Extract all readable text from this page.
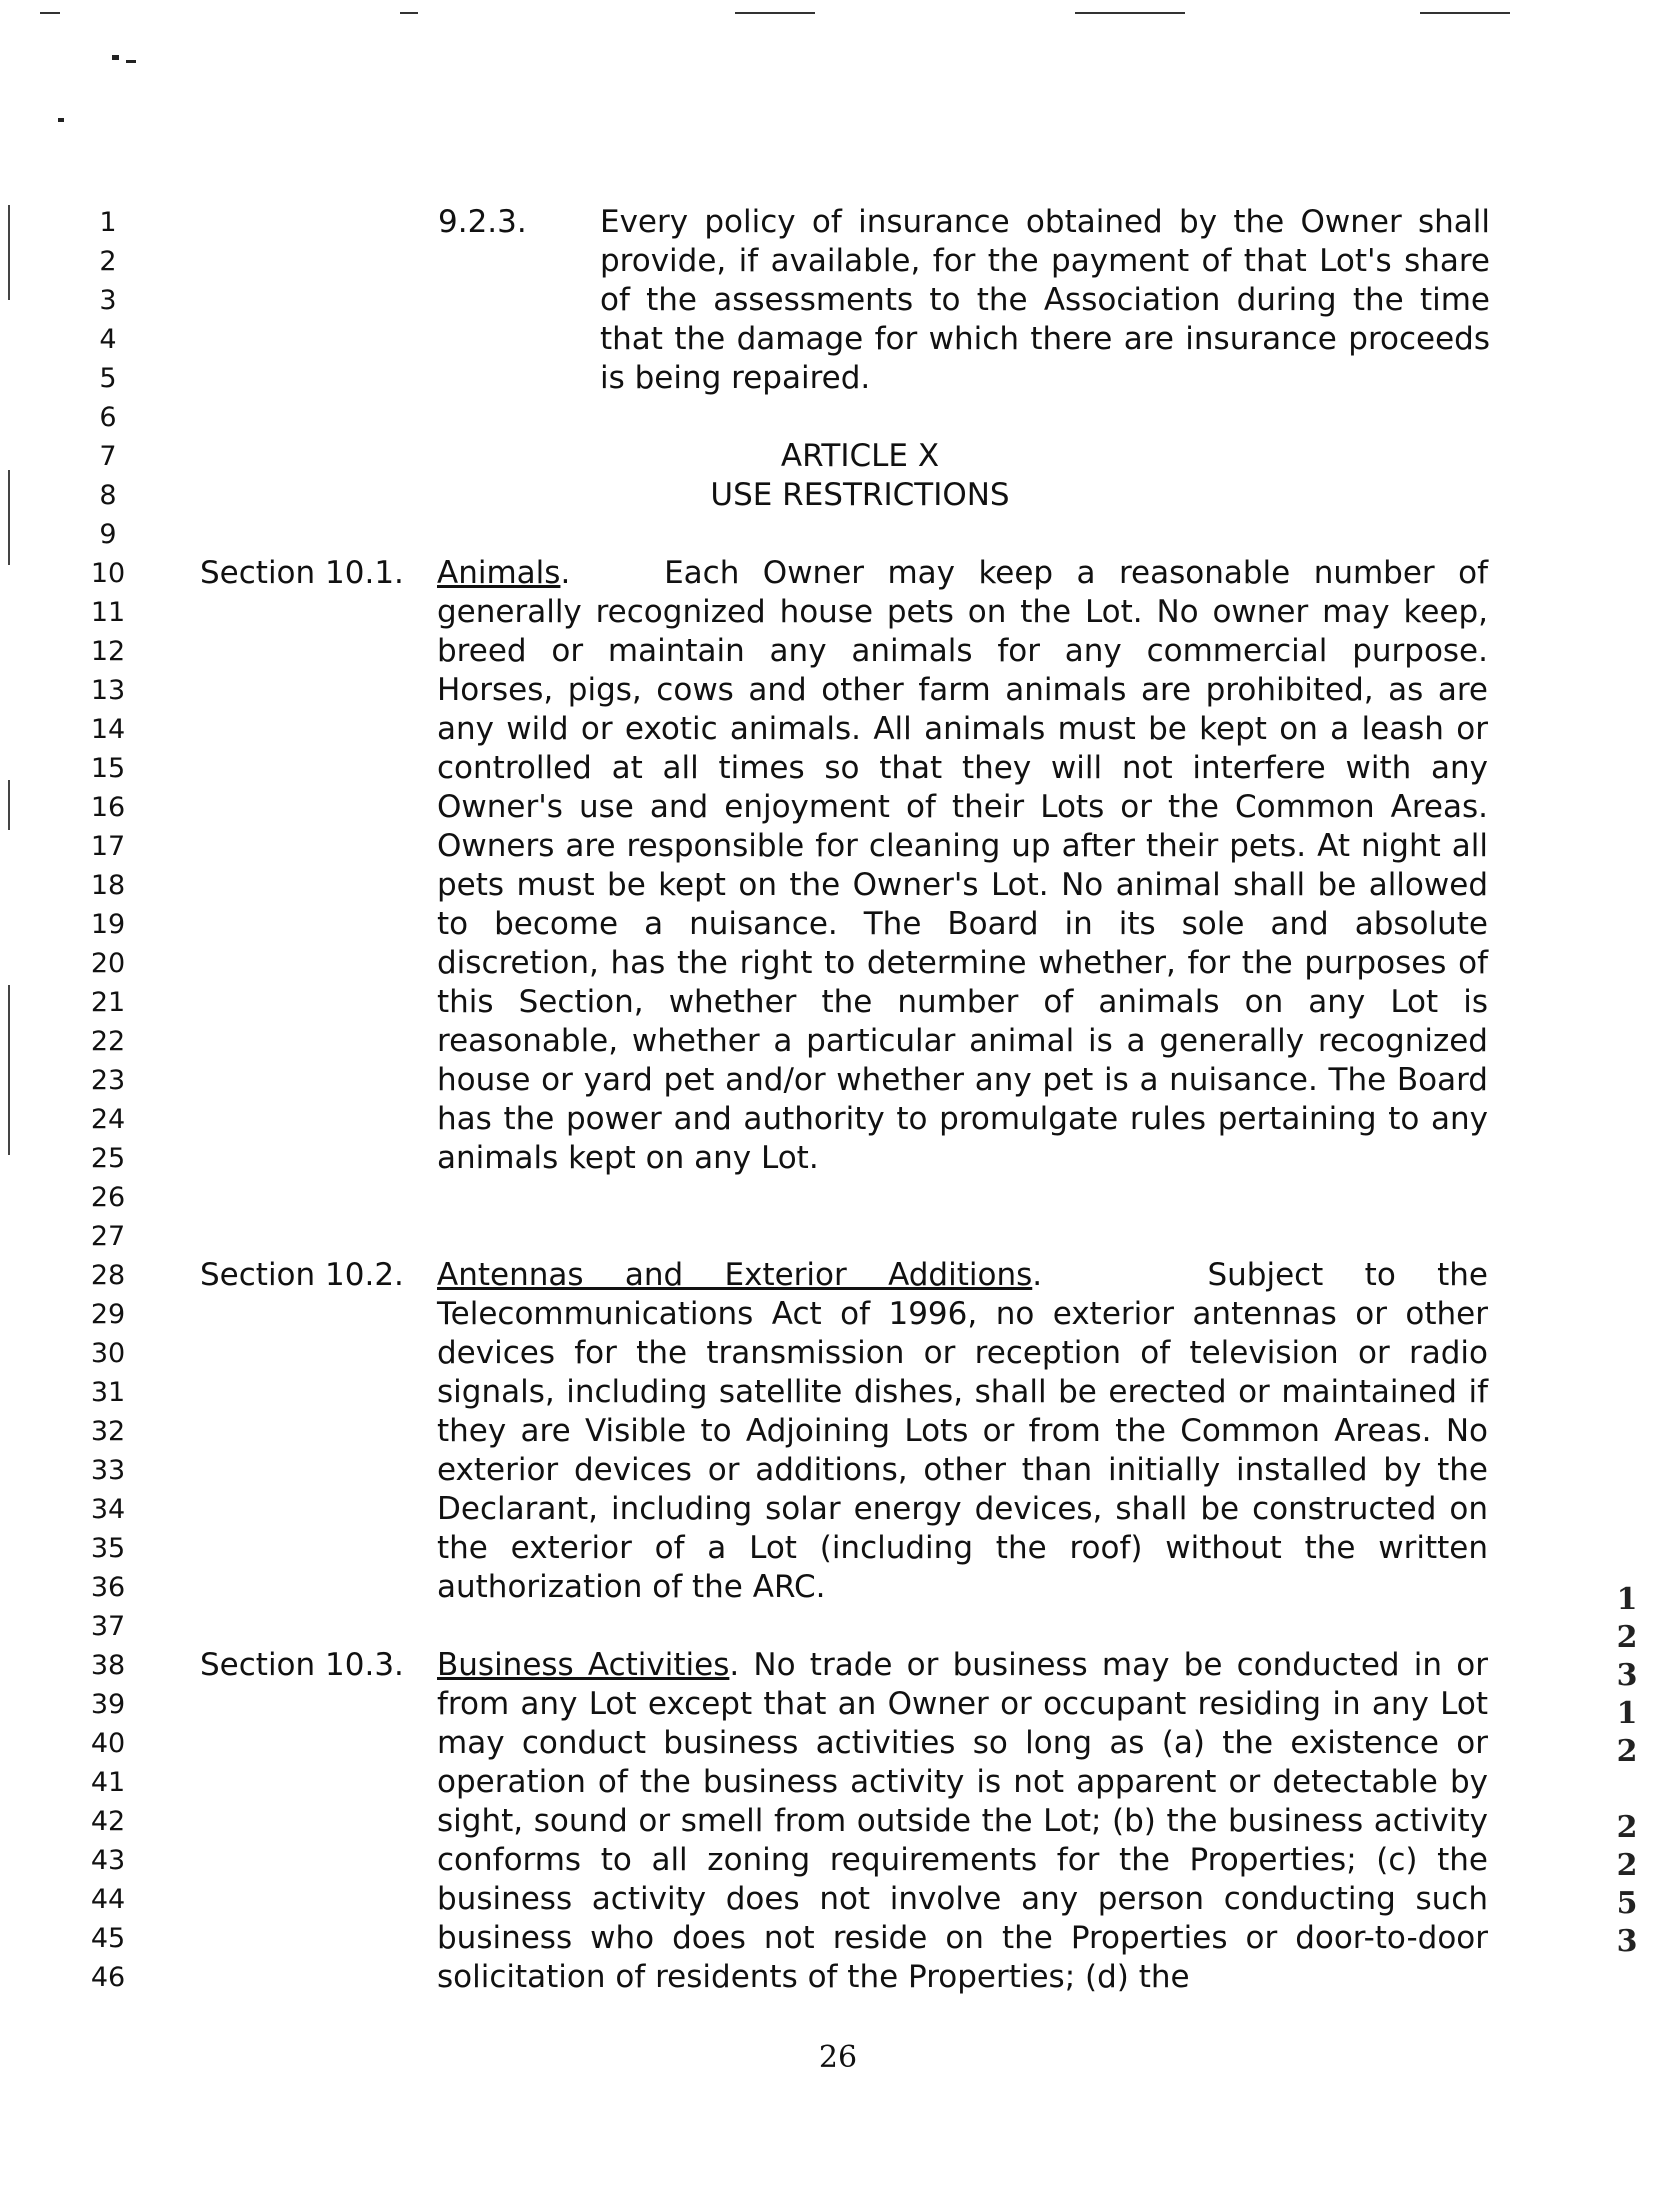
1
2
3
4
5
6
7
8
9
10
11
12
13
14
15
16
17
18
19
20
21
22
23
24
25
26
27
28
29
30
31
32
33
34
35
36
37
38
39
40
41
42
43
44
45
46
9.2.3. Every policy of insurance obtained by the Owner shall provide, if available, for the payment of that Lot's share of the assessments to the Association during the time that the damage for which there are insurance proceeds is being repaired.
ARTICLE X
USE RESTRICTIONS
Section 10.1. Animals.	Each Owner may keep a reasonable number of generally recognized house pets on the Lot. No owner may keep, breed or maintain any animals for any commercial purpose. Horses, pigs, cows and other farm animals are prohibited, as are any wild or exotic animals. All animals must be kept on a leash or controlled at all times so that they will not interfere with any Owner's use and enjoyment of their Lots or the Common Areas. Owners are responsible for cleaning up after their pets. At night all pets must be kept on the Owner's Lot. No animal shall be allowed to become a nuisance. The Board in its sole and absolute discretion, has the right to determine whether, for the purposes of this Section, whether the number of animals on any Lot is reasonable, whether a particular animal is a generally recognized house or yard pet and/or whether any pet is a nuisance. The Board has the power and authority to promulgate rules pertaining to any animals kept on any Lot.
Section 10.2. Antennas and Exterior Additions.	Subject to the Telecommunications Act of 1996, no exterior antennas or other devices for the transmission or reception of television or radio signals, including satellite dishes, shall be erected or maintained if they are Visible to Adjoining Lots or from the Common Areas. No exterior devices or additions, other than initially installed by the Declarant, including solar energy devices, shall be constructed on the exterior of a Lot (including the roof) without the written authorization of the ARC.
Section 10.3. Business Activities. No trade or business may be conducted in or from any Lot except that an Owner or occupant residing in any Lot may conduct business activities so long as (a) the existence or operation of the business activity is not apparent or detectable by sight, sound or smell from outside the Lot; (b) the business activity conforms to all zoning requirements for the Properties; (c) the business activity does not involve any person conducting such business who does not reside on the Properties or door-to-door solicitation of residents of the Properties; (d) the
1
2
3
1
2
2
2
5
3
26
